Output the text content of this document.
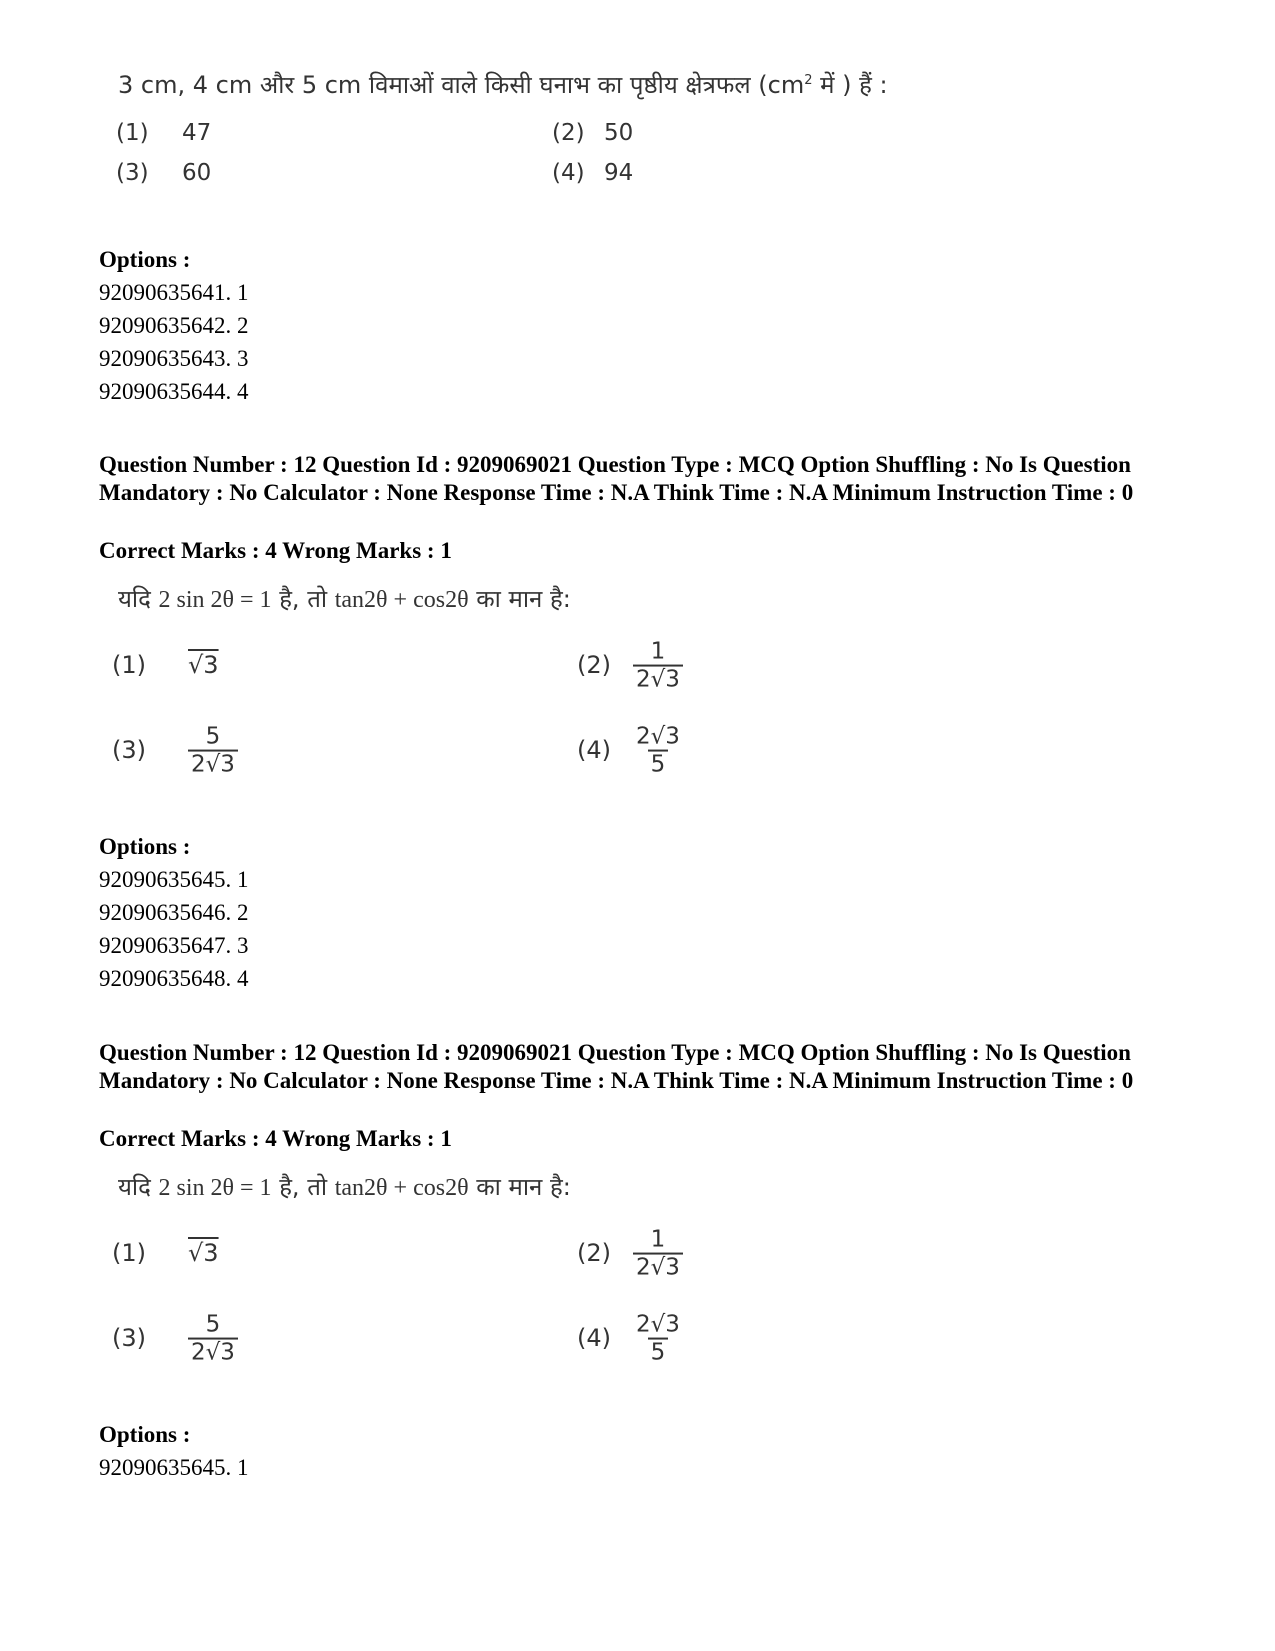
3 cm, 4 cm और 5 cm विमाओं वाले किसी घनाभ का पृष्ठीय क्षेत्रफल ($cm^2$ में ) हैं :
(1) 47	(2) 50
(3) 60	(4) 94
Options :
92090635641. 1
92090635642. 2
92090635643. 3
92090635644. 4
Question Number : 12 Question Id : 9209069021 Question Type : MCQ Option Shuffling : No Is Question Mandatory : No Calculator : None Response Time : N.A Think Time : N.A Minimum Instruction Time : 0
Correct Marks : 4 Wrong Marks : 1
यदि 2 sin 2θ = 1 है, तो tan2θ + cos2θ का मान है:
(1) √3	$(2) \frac{1}{2√3}$
$(3) \frac{5}{2√3}$	$(4) \frac{2√3}{5}$
Options :
92090635645. 1
92090635646. 2
92090635647. 3
92090635648. 4
Question Number : 12 Question Id : 9209069021 Question Type : MCQ Option Shuffling : No Is Question Mandatory : No Calculator : None Response Time : N.A Think Time : N.A Minimum Instruction Time : 0
Correct Marks : 4 Wrong Marks : 1
यदि 2 sin 2θ = 1 है, तो tan2θ + cos2θ का मान है:
(1) √3	$(2) \frac{1}{2√3}$
$(3) \frac{5}{2√3}$	$(4) \frac{2√3}{5}$
Options :
92090635645. 1
